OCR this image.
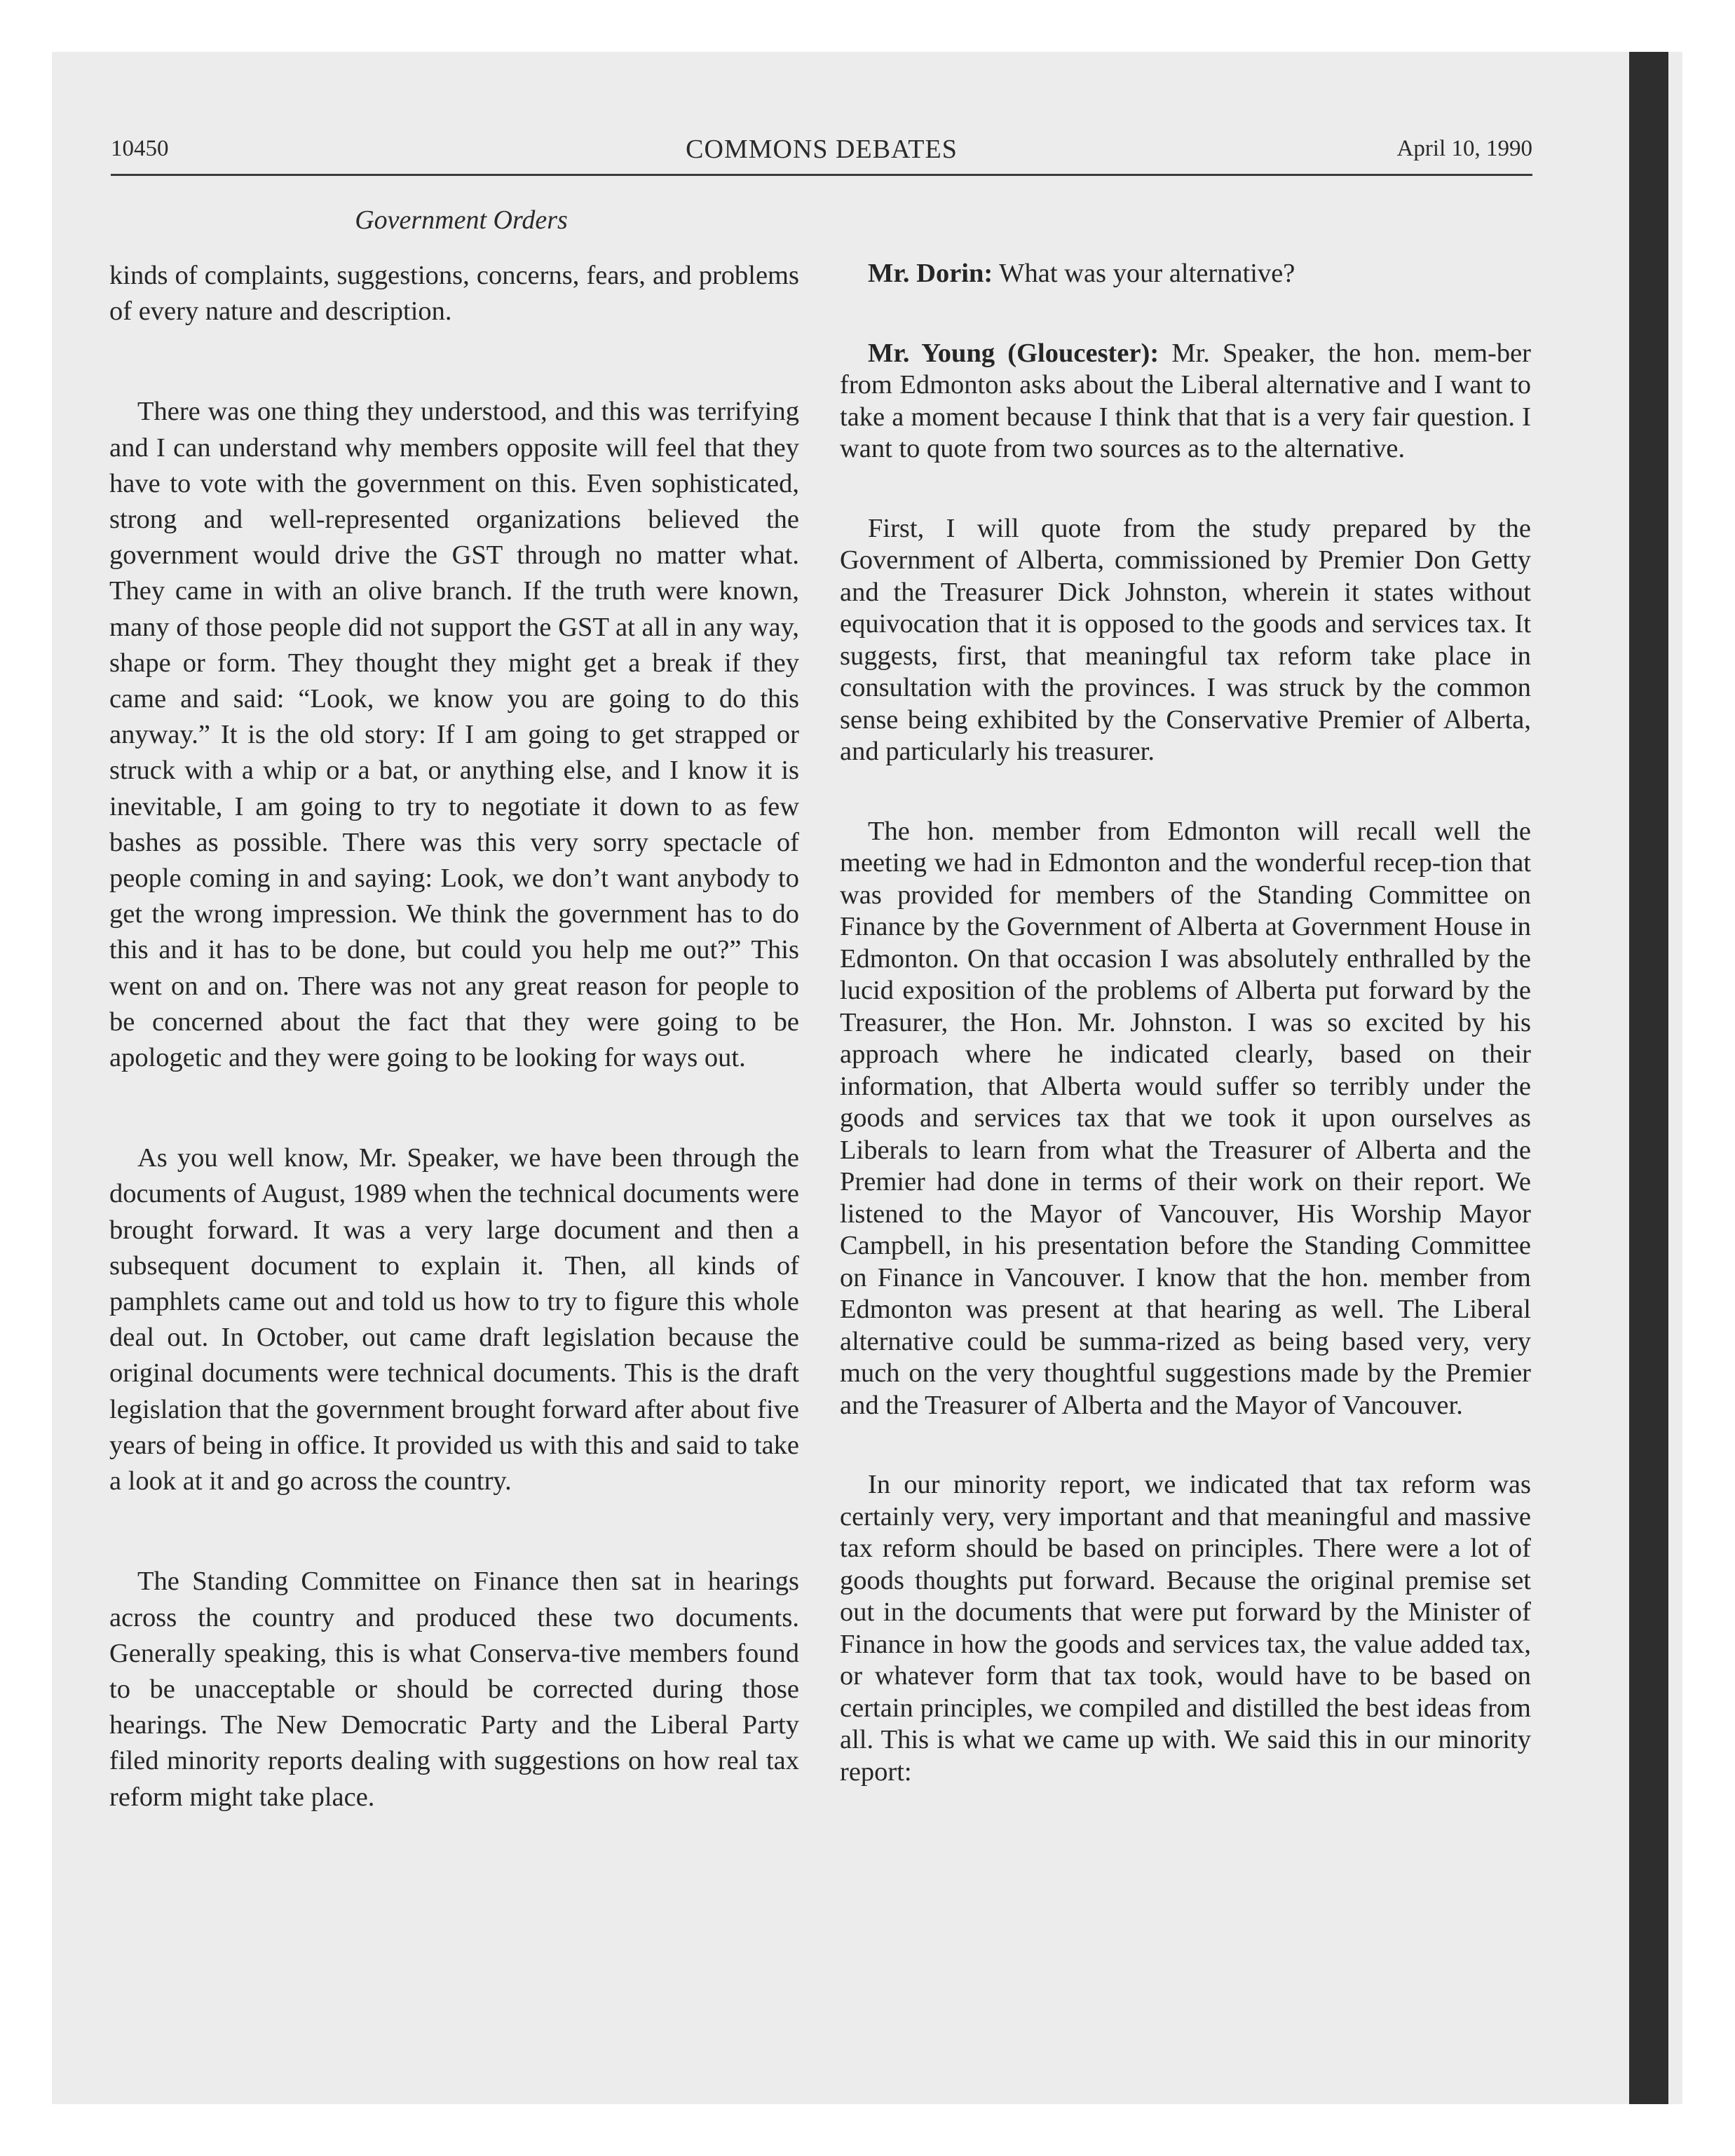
10450	COMMONS DEBATES	April 10, 1990
Government Orders

kinds of complaints, suggestions, concerns, fears, and problems of every nature and description.

There was one thing they understood, and this was terrifying and I can understand why members opposite will feel that they have to vote with the government on this. Even sophisticated, strong and well-represented organizations believed the government would drive the GST through no matter what. They came in with an olive branch. If the truth were known, many of those people did not support the GST at all in any way, shape or form. They thought they might get a break if they came and said: “Look, we know you are going to do this anyway.” It is the old story: If I am going to get strapped or struck with a whip or a bat, or anything else, and I know it is inevitable, I am going to try to negotiate it down to as few bashes as possible. There was this very sorry spectacle of people coming in and saying: Look, we don’t want anybody to get the wrong impression. We think the government has to do this and it has to be done, but could you help me out?” This went on and on. There was not any great reason for people to be concerned about the fact that they were going to be apologetic and they were going to be looking for ways out.

As you well know, Mr. Speaker, we have been through the documents of August, 1989 when the technical documents were brought forward. It was a very large document and then a subsequent document to explain it. Then, all kinds of pamphlets came out and told us how to try to figure this whole deal out. In October, out came draft legislation because the original documents were technical documents. This is the draft legislation that the government brought forward after about five years of being in office. It provided us with this and said to take a look at it and go across the country.

The Standing Committee on Finance then sat in hearings across the country and produced these two documents. Generally speaking, this is what Conserva-tive members found to be unacceptable or should be corrected during those hearings. The New Democratic Party and the Liberal Party filed minority reports dealing with suggestions on how real tax reform might take place.

Mr. Dorin: What was your alternative?

Mr. Young (Gloucester): Mr. Speaker, the hon. mem-ber from Edmonton asks about the Liberal alternative and I want to take a moment because I think that that is a very fair question. I want to quote from two sources as to the alternative.

First, I will quote from the study prepared by the Government of Alberta, commissioned by Premier Don Getty and the Treasurer Dick Johnston, wherein it states without equivocation that it is opposed to the goods and services tax. It suggests, first, that meaningful tax reform take place in consultation with the provinces. I was struck by the common sense being exhibited by the Conservative Premier of Alberta, and particularly his treasurer.

The hon. member from Edmonton will recall well the meeting we had in Edmonton and the wonderful recep-tion that was provided for members of the Standing Committee on Finance by the Government of Alberta at Government House in Edmonton. On that occasion I was absolutely enthralled by the lucid exposition of the problems of Alberta put forward by the Treasurer, the Hon. Mr. Johnston. I was so excited by his approach where he indicated clearly, based on their information, that Alberta would suffer so terribly under the goods and services tax that we took it upon ourselves as Liberals to learn from what the Treasurer of Alberta and the Premier had done in terms of their work on their report. We listened to the Mayor of Vancouver, His Worship Mayor Campbell, in his presentation before the Standing Committee on Finance in Vancouver. I know that the hon. member from Edmonton was present at that hearing as well. The Liberal alternative could be summa-rized as being based very, very much on the very thoughtful suggestions made by the Premier and the Treasurer of Alberta and the Mayor of Vancouver.

In our minority report, we indicated that tax reform was certainly very, very important and that meaningful and massive tax reform should be based on principles. There were a lot of goods thoughts put forward. Because the original premise set out in the documents that were put forward by the Minister of Finance in how the goods and services tax, the value added tax, or whatever form that tax took, would have to be based on certain principles, we compiled and distilled the best ideas from all. This is what we came up with. We said this in our minority report:
